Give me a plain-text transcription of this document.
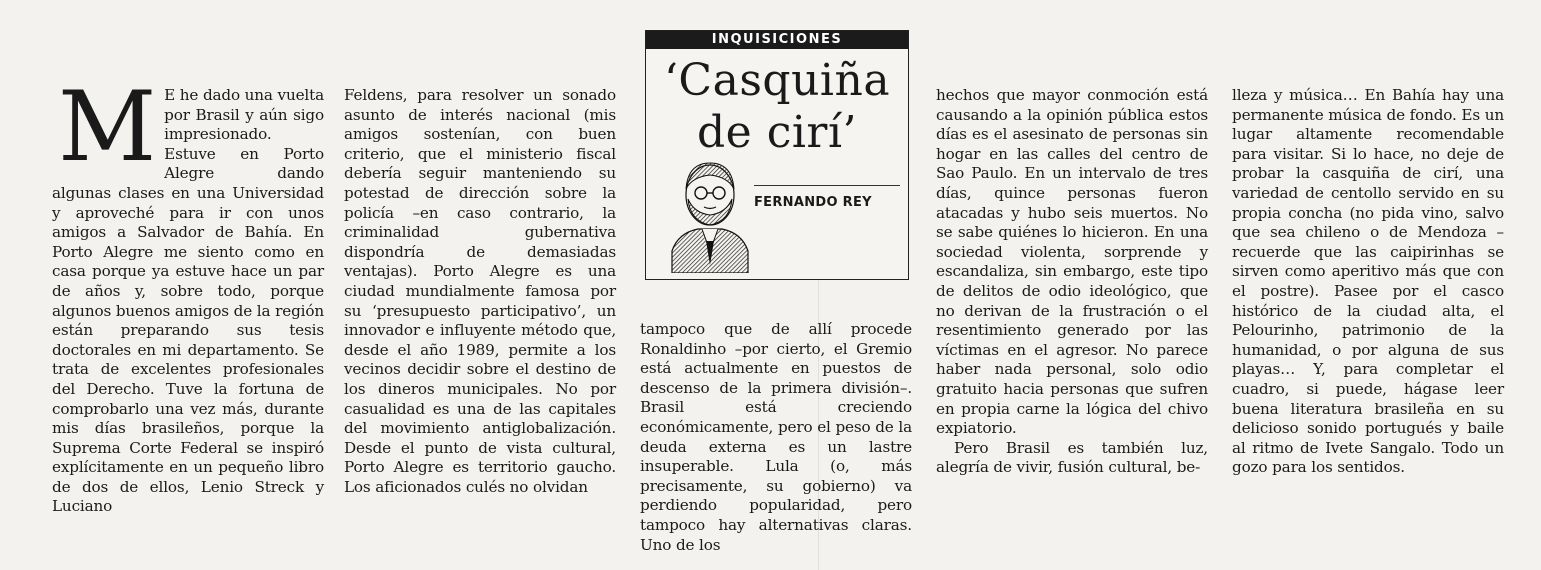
INQUISICIONES
‘Casquiña
de cirí’
FERNANDO REY
M E he dado una vuelta por Brasil y aún sigo impresionado. Estuve en Porto Alegre dando algunas clases en una Universidad y aproveché para ir con unos amigos a Salvador de Bahía. En Porto Alegre me siento como en casa porque ya estuve hace un par de años y, sobre todo, porque algunos buenos amigos de la región están preparando sus tesis doctorales en mi departamento. Se trata de excelentes profesionales del Derecho. Tuve la fortuna de comprobarlo una vez más, durante mis días brasileños, porque la Suprema Corte Federal se inspiró explícitamente en un pequeño libro de dos de ellos, Lenio Streck y Luciano
Feldens, para resolver un sonado asunto de interés nacional (mis amigos sostenían, con buen criterio, que el ministerio fiscal debería seguir manteniendo su potestad de dirección sobre la policía –en caso contrario, la criminalidad gubernativa dispondría de demasiadas ventajas). Porto Alegre es una ciudad mundialmente famosa por su ‘presupuesto participativo’, un innovador e influyente método que, desde el año 1989, permite a los vecinos decidir sobre el destino de los dineros municipales. No por casualidad es una de las capitales del movimiento antiglobalización. Desde el punto de vista cultural, Porto Alegre es territorio gaucho. Los aficionados culés no olvidan
tampoco que de allí procede Ronaldinho –por cierto, el Gremio está actualmente en puestos de descenso de la primera división–. Brasil está creciendo económicamente, pero el peso de la deuda externa es un lastre insuperable. Lula (o, más precisamente, su gobierno) va perdiendo popularidad, pero tampoco hay alternativas claras. Uno de los

hechos que mayor conmoción está causando a la opinión pública estos días es el asesinato de personas sin hogar en las calles del centro de Sao Paulo. En un intervalo de tres días, quince personas fueron atacadas y hubo seis muertos. No se sabe quiénes lo hicieron. En una sociedad violenta, sorprende y escandaliza, sin embargo, este tipo de delitos de odio ideológico, que no derivan de la frustración o el resentimiento generado por las víctimas en el agresor. No parece haber nada personal, solo odio gratuito hacia personas que sufren en propia carne la lógica del chivo expiatorio.

Pero Brasil es también luz, alegría de vivir, fusión cultural, be-

lleza y música… En Bahía hay una permanente música de fondo. Es un lugar altamente recomendable para visitar. Si lo hace, no deje de probar la casquiña de cirí, una variedad de centollo servido en su propia concha (no pida vino, salvo que sea chileno o de Mendoza –recuerde que las caipirinhas se sirven como aperitivo más que con el postre). Pasee por el casco histórico de la ciudad alta, el Pelourinho, patrimonio de la humanidad, o por alguna de sus playas… Y, para completar el cuadro, si puede, hágase leer buena literatura brasileña en su delicioso sonido portugués y baile al ritmo de Ivete Sangalo. Todo un gozo para los sentidos.
